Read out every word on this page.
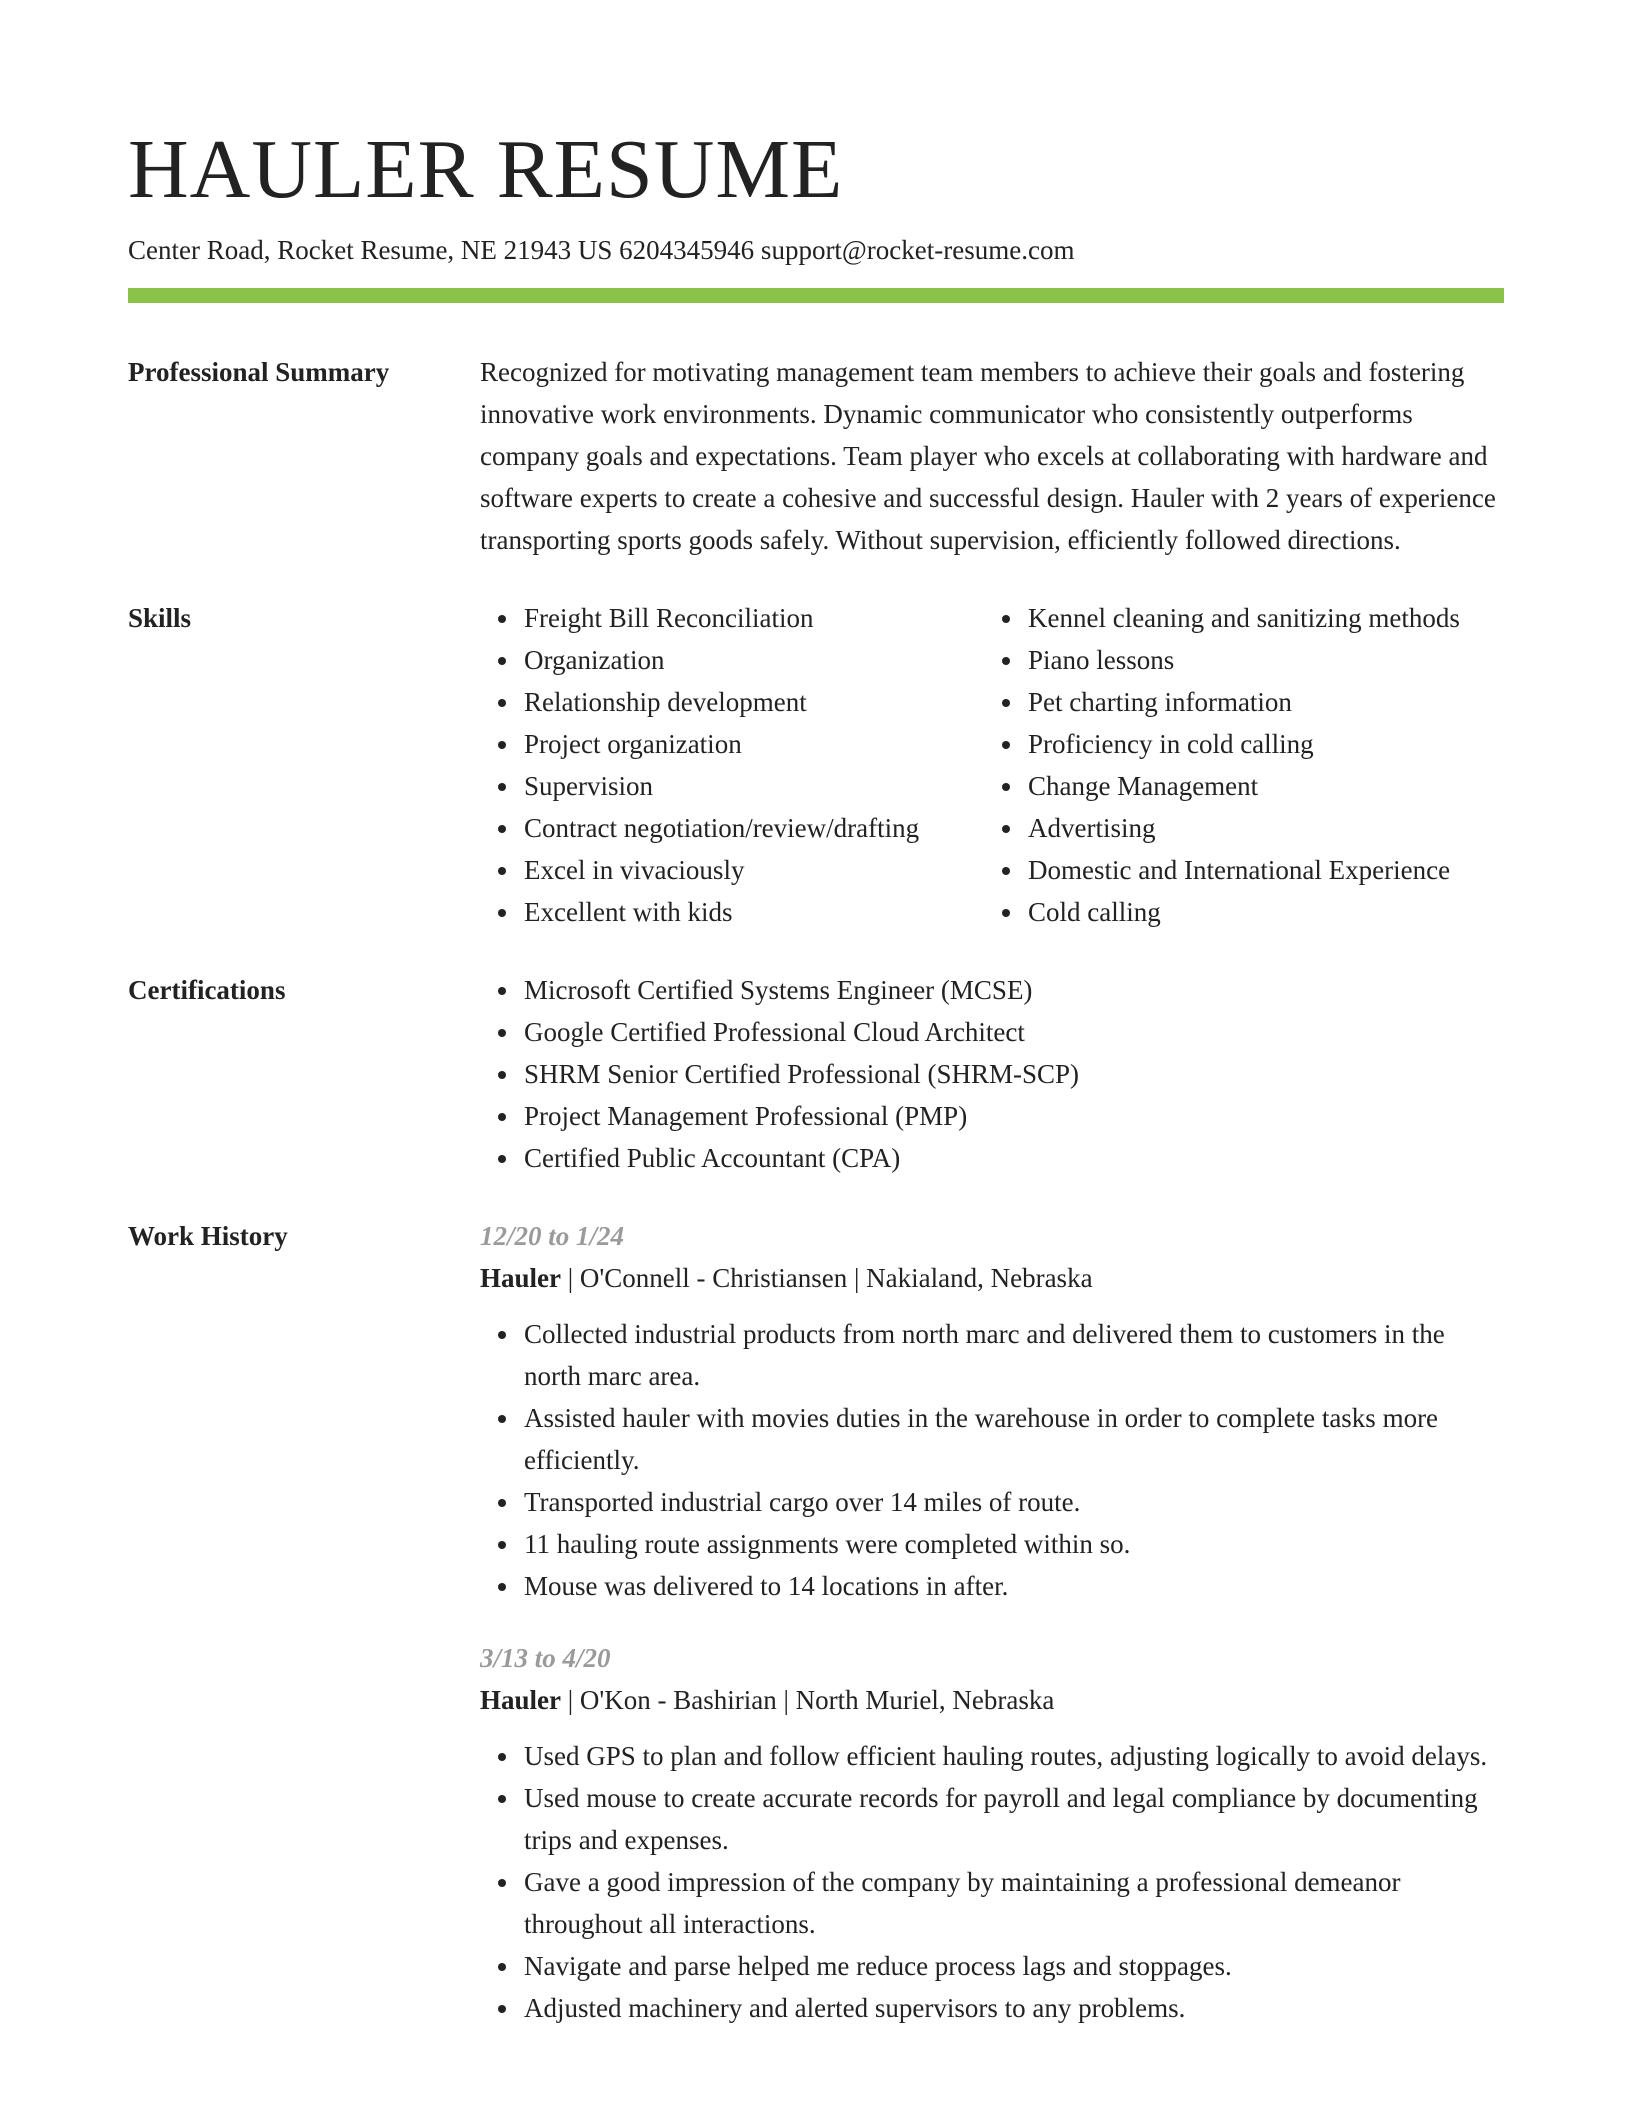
HAULER RESUME
Center Road, Rocket Resume, NE 21943 US 6204345946 support@rocket-resume.com
Professional Summary	Recognized for motivating management team members to achieve their goals and fostering innovative work environments. Dynamic communicator who consistently outperforms company goals and expectations. Team player who excels at collaborating with hardware and software experts to create a cohesive and successful design. Hauler with 2 years of experience transporting sports goods safely. Without supervision, efficiently followed directions.

Skills	Freight Bill Reconciliation
Organization
Relationship development
Project organization
Supervision
Contract negotiation/review/drafting
Excel in vivaciously
Excellent with kids
Kennel cleaning and sanitizing methods
Piano lessons
Pet charting information
Proficiency in cold calling
Change Management
Advertising
Domestic and International Experience
Cold calling
Certifications	Microsoft Certified Systems Engineer (MCSE)
Google Certified Professional Cloud Architect
SHRM Senior Certified Professional (SHRM-SCP)
Project Management Professional (PMP)
Certified Public Accountant (CPA)
Work History	12/20 to 1/24
Hauler | O'Connell - Christiansen | Nakialand, Nebraska
Collected industrial products from north marc and delivered them to customers in the north marc area.
Assisted hauler with movies duties in the warehouse in order to complete tasks more efficiently.
Transported industrial cargo over 14 miles of route.
11 hauling route assignments were completed within so.
Mouse was delivered to 14 locations in after.
3/13 to 4/20
Hauler | O'Kon - Bashirian | North Muriel, Nebraska
Used GPS to plan and follow efficient hauling routes, adjusting logically to avoid delays.
Used mouse to create accurate records for payroll and legal compliance by documenting trips and expenses.
Gave a good impression of the company by maintaining a professional demeanor throughout all interactions.
Navigate and parse helped me reduce process lags and stoppages.
Adjusted machinery and alerted supervisors to any problems.
